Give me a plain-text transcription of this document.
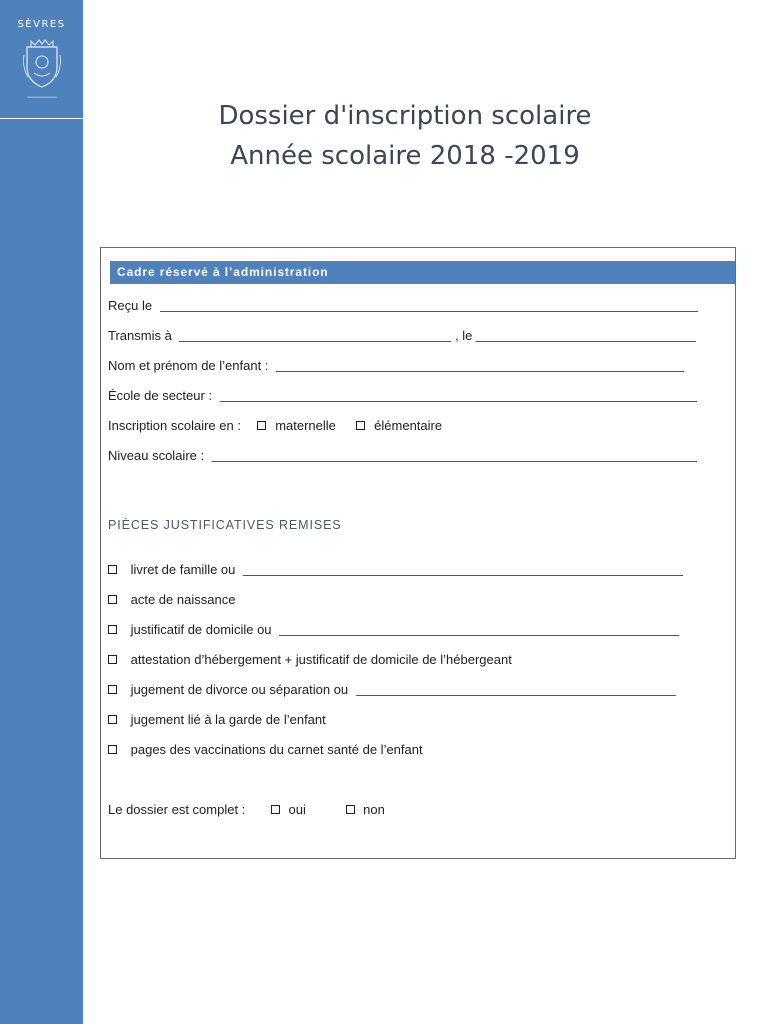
SÈVRES
Dossier d'inscription scolaire
Année scolaire 2018 -2019
Cadre réservé à l’administration
Reçu le
Transmis à	, le
Nom et prénom de l’enfant :
École de secteur :
Inscription scolaire en :	maternelle	élémentaire
Niveau scolaire :
PIÈCES JUSTIFICATIVES REMISES
livret de famille ou
acte de naissance
justificatif de domicile ou
attestation d’hébergement + justificatif de domicile de l’hébergeant
jugement de divorce ou séparation ou
jugement lié à la garde de l’enfant
pages des vaccinations du carnet santé de l’enfant
Le dossier est complet :	oui	non
